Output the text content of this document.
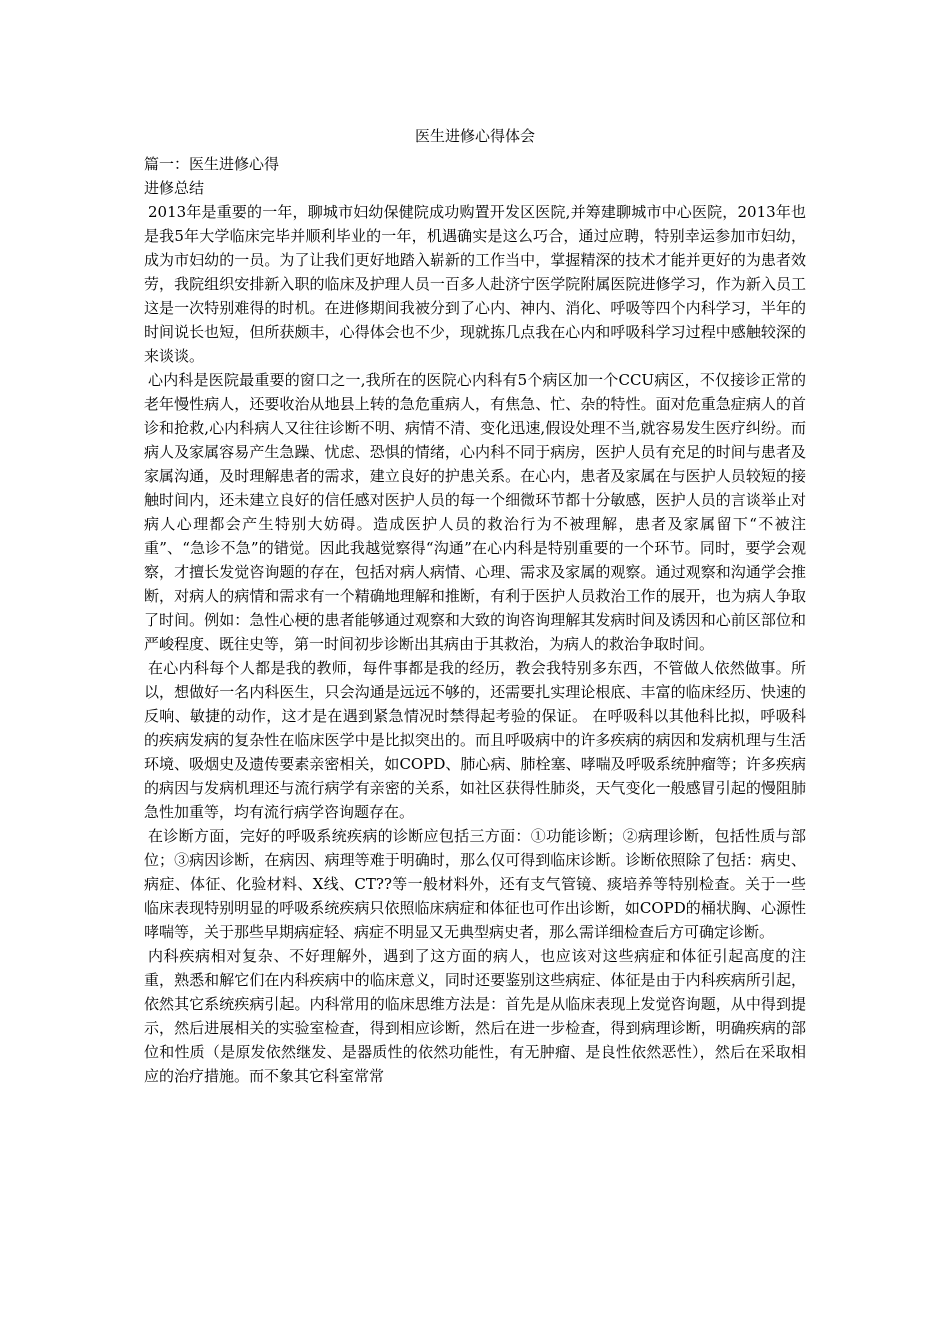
医生进修心得体会

篇一：医生进修心得

进修总结

2013年是重要的一年，聊城市妇幼保健院成功购置开发区医院,并筹建聊城市中心医院，2013年也是我5年大学临床完毕并顺利毕业的一年，机遇确实是这么巧合，通过应聘，特别幸运参加市妇幼，成为市妇幼的一员。为了让我们更好地踏入崭新的工作当中，掌握精深的技术才能并更好的为患者效劳，我院组织安排新入职的临床及护理人员一百多人赴济宁医学院附属医院进修学习，作为新入员工这是一次特别难得的时机。在进修期间我被分到了心内、神内、消化、呼吸等四个内科学习，半年的时间说长也短，但所获颇丰，心得体会也不少，现就拣几点我在心内和呼吸科学习过程中感触较深的来谈谈。

心内科是医院最重要的窗口之一,我所在的医院心内科有5个病区加一个CCU病区，不仅接诊正常的老年慢性病人，还要收治从地县上转的急危重病人，有焦急、忙、杂的特性。面对危重急症病人的首诊和抢救,心内科病人又往往诊断不明、病情不清、变化迅速,假设处理不当,就容易发生医疗纠纷。而病人及家属容易产生急躁、忧虑、恐惧的情绪，心内科不同于病房，医护人员有充足的时间与患者及家属沟通，及时理解患者的需求，建立良好的护患关系。在心内，患者及家属在与医护人员较短的接触时间内，还未建立良好的信任感对医护人员的每一个细微环节都十分敏感，医护人员的言谈举止对病人心理都会产生特别大妨碍。造成医护人员的救治行为不被理解，患者及家属留下“不被注重”、“急诊不急”的错觉。因此我越觉察得“沟通”在心内科是特别重要的一个环节。同时，要学会观察，才擅长发觉咨询题的存在，包括对病人病情、心理、需求及家属的观察。通过观察和沟通学会推断，对病人的病情和需求有一个精确地理解和推断，有利于医护人员救治工作的展开，也为病人争取了时间。例如：急性心梗的患者能够通过观察和大致的询咨询理解其发病时间及诱因和心前区部位和严峻程度、既往史等，第一时间初步诊断出其病由于其救治，为病人的救治争取时间。

在心内科每个人都是我的教师，每件事都是我的经历，教会我特别多东西，不管做人依然做事。所以，想做好一名内科医生，只会沟通是远远不够的，还需要扎实理论根底、丰富的临床经历、快速的反响、敏捷的动作，这才是在遇到紧急情况时禁得起考验的保证。 在呼吸科以其他科比拟，呼吸科的疾病发病的复杂性在临床医学中是比拟突出的。而且呼吸病中的许多疾病的病因和发病机理与生活环境、吸烟史及遗传要素亲密相关，如COPD、肺心病、肺栓塞、哮喘及呼吸系统肿瘤等；许多疾病的病因与发病机理还与流行病学有亲密的关系，如社区获得性肺炎，天气变化一般感冒引起的慢阻肺急性加重等，均有流行病学咨询题存在。

在诊断方面，完好的呼吸系统疾病的诊断应包括三方面：①功能诊断；②病理诊断，包括性质与部位；③病因诊断，在病因、病理等难于明确时，那么仅可得到临床诊断。诊断依照除了包括：病史、病症、体征、化验材料、X线、CT??等一般材料外，还有支气管镜、痰培养等特别检查。关于一些临床表现特别明显的呼吸系统疾病只依照临床病症和体征也可作出诊断，如COPD的桶状胸、心源性哮喘等，关于那些早期病症轻、病症不明显又无典型病史者，那么需详细检查后方可确定诊断。

内科疾病相对复杂、不好理解外，遇到了这方面的病人，也应该对这些病症和体征引起高度的注重，熟悉和解它们在内科疾病中的临床意义，同时还要鉴别这些病症、体征是由于内科疾病所引起，依然其它系统疾病引起。内科常用的临床思维方法是：首先是从临床表现上发觉咨询题，从中得到提示，然后进展相关的实验室检查，得到相应诊断，然后在进一步检查，得到病理诊断，明确疾病的部位和性质（是原发依然继发、是器质性的依然功能性，有无肿瘤、是良性依然恶性），然后在采取相应的治疗措施。而不象其它科室常常
